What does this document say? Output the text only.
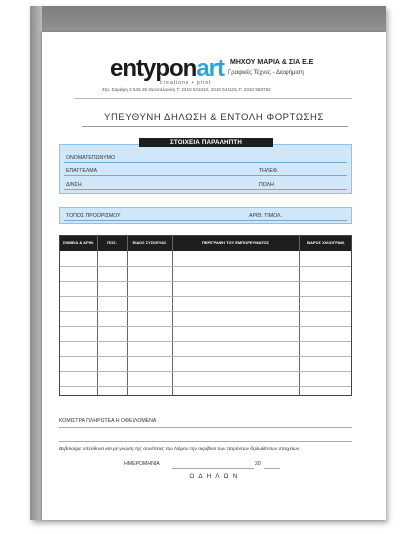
entyponart
creations • print
ΜΗΧΟΥ ΜΑΡΙΑ & ΣΙΑ Ε.Ε
Γραφικές Τέχνες - Διαφήμιση
Στρ. Σαράφη 3 546 26 Θεσσαλονίκη T: 2310 541042, 2310 541101 F: 2310 550762
ΥΠΕΥΘΥΝΗ ΔΗΛΩΣΗ & ΕΝΤΟΛΗ ΦΟΡΤΩΣΗΣ
ΟΝΟΜΑΤΕΠΩΝΥΜΟ
ΕΠΑΓΓΕΛΜΑ	ΤΗΛΕΦ.
Δ/ΝΣΗ	ΠΟΛΗ
ΣΤΟΙΧΕΙΑ ΠΑΡΑΛΗΠΤΗ
ΤΟΠΟΣ ΠΡΟΟΡΙΣΜΟΥ	ΑΡΙΘ. ΤΙΜΟΛ.
ΣΗΜΕΙΑ & ΑΡΙΘ.	ΠΟΣ.	ΕΙΔΟΣ ΣΥΣΚΕΥΑΣ	ΠΕΡΙΓΡΑΦΗ ΤΟΥ ΕΜΠΟΡΕΥΜΑΤΟΣ	ΒΑΡΟΣ ΧΙΛΙΟΓΡΑΜ.
ΚΟΜΙΣΤΡΑ ΠΛΗΡΩΤΕΑ Η ΟΦΕΙΛΟΜΕΝΑ
Βεβαιούμε υπεύθυνα και με γνώση της συνέπειες του Νόμου την ακρίβεια των παρόντων δηλωθέντων στοιχείων.
ΗΜΕΡΟΜΗΝΙΑ	20
Ο Δ Η Λ Ω Ν
